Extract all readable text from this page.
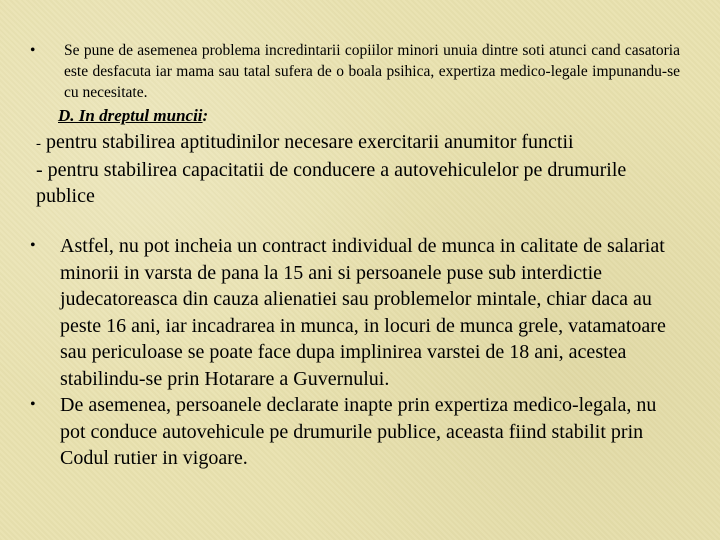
•	Se pune de asemenea problema incredintarii copiilor minori unuia dintre soti atunci cand casatoria este desfacuta iar mama sau tatal sufera de o boala psihica, expertiza medico-legale impunandu-se cu necesitate.
D. In dreptul muncii:
- pentru stabilirea aptitudinilor necesare exercitarii anumitor functii
- pentru stabilirea capacitatii de conducere a autovehiculelor pe drumurile publice

• Astfel, nu pot incheia un contract individual de munca in calitate de salariat minorii in varsta de pana la 15 ani si persoanele puse sub interdictie judecatoreasca din cauza alienatiei sau problemelor mintale, chiar daca au peste 16 ani, iar incadrarea in munca, in locuri de munca grele, vatamatoare sau periculoase se poate face dupa implinirea varstei de 18 ani, acestea stabilindu-se prin Hotarare a Guvernului.

• De asemenea, persoanele declarate inapte prin expertiza medico-legala, nu pot conduce autovehicule pe drumurile publice, aceasta fiind stabilit prin Codul rutier in vigoare.
